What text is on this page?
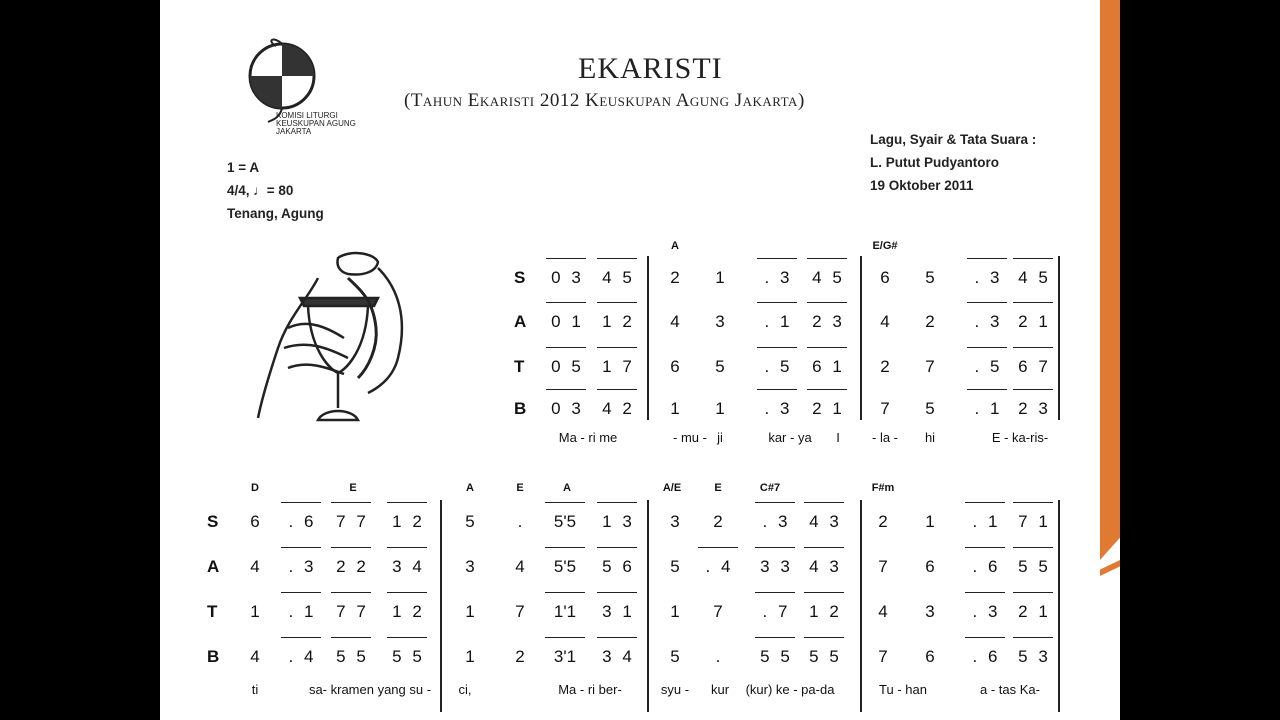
KOMISI LITURGI
KEUSKUPAN AGUNG
JAKARTA
EKARISTI
(Tahun Ekaristi 2012 Keuskupan Agung Jakarta)
1 = A
4/4, ♩= 80
Tenang, Agung
Lagu, Syair & Tata Suara :
L. Putut Pudyantoro
19 Oktober 2011
A	E/G#
S	0 3	4 5	2	1	. 3	4 5	6	5	. 3	4 5
A	0 1	1 2	4	3	. 1	2 3	4	2	. 3	2 1
T	0 5	1 7	6	5	. 5	6 1	2	7	. 5	6 7
B	0 3	4 2	1	1	. 3	2 1	7	5	. 1	2 3
Ma - ri me	- mu - ji	kar - ya I - la - hi	E - ka-ris-
D	E	A	E	A	A/E	E	C#7	F#m
S	6	. 6	7 7	1 2	5	.	5'5	1 3	3	2	. 3	4 3	2	1	. 1	7 1
A	4	. 3	2 2	3 4	3	4	5'5	5 6	5	. 4	3 3	4 3	7	6	. 6	5 5
T	1	. 1	7 7	1 2	1	7	1'1	3 1	1	7	. 7	1 2	4	3	. 3	2 1
B	4	. 4	5 5	5 5	1	2	3'1	3 4	5	.	5 5	5 5	7	6	. 6	5 3
ti	sa- kramen yang su - ci,	Ma - ri ber-	syu - kur (kur) ke - pa-da	Tu - han	a - tas Ka-
